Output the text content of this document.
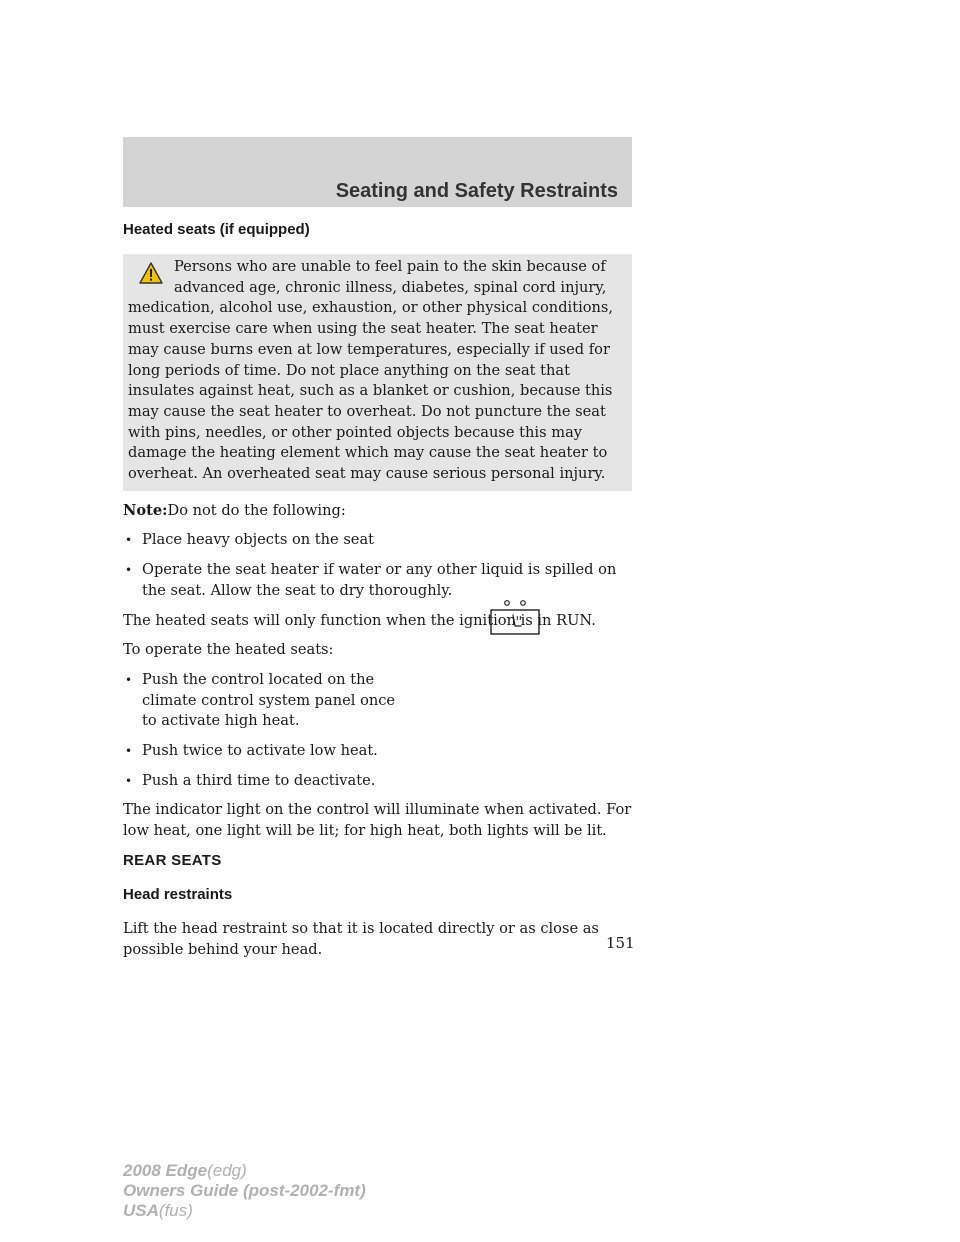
Seating and Safety Restraints
Heated seats (if equipped)

Persons who are unable to feel pain to the skin because of advanced age, chronic illness, diabetes, spinal cord injury, medication, alcohol use, exhaustion, or other physical conditions, must exercise care when using the seat heater. The seat heater may cause burns even at low temperatures, especially if used for long periods of time. Do not place anything on the seat that insulates against heat, such as a blanket or cushion, because this may cause the seat heater to overheat. Do not puncture the seat with pins, needles, or other pointed objects because this may damage the heating element which may cause the seat heater to overheat. An overheated seat may cause serious personal injury.

Note:Do not do the following:

• Place heavy objects on the seat
• Operate the seat heater if water or any other liquid is spilled on the seat. Allow the seat to dry thoroughly.

The heated seats will only function when the ignition is in RUN.

To operate the heated seats:

• Push the control located on the climate control system panel once to activate high heat.
• Push twice to activate low heat.
• Push a third time to deactivate.

The indicator light on the control will illuminate when activated. For low heat, one light will be lit; for high heat, both lights will be lit.

REAR SEATS
Head restraints

Lift the head restraint so that it is located directly or as close as possible behind your head.	151
2008 Edge(edg)
Owners Guide (post-2002-fmt)
USA(fus)
